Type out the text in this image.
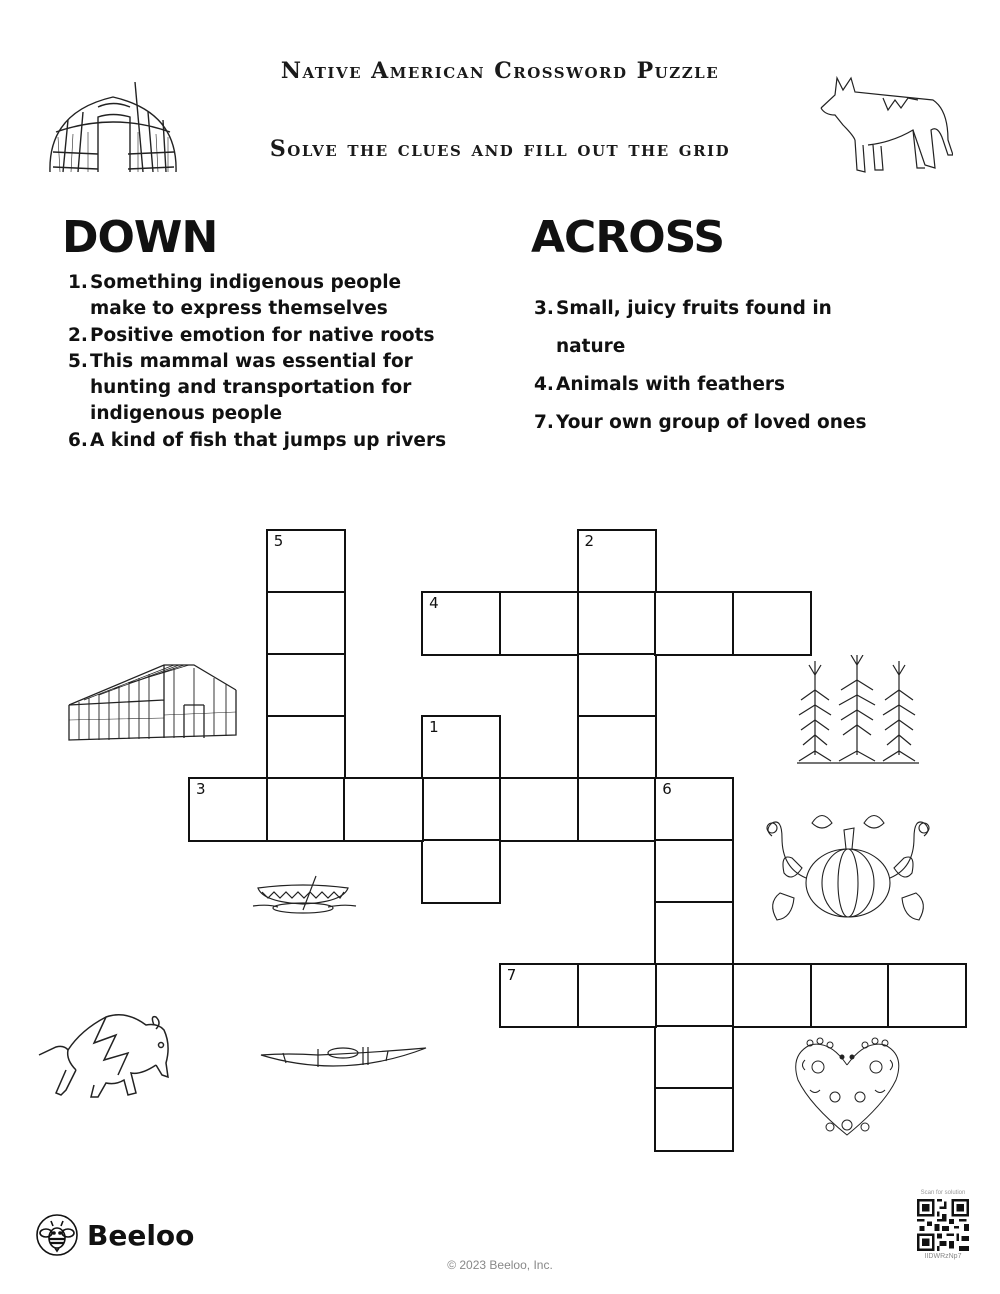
Native American Crossword Puzzle
Solve the clues and fill out the grid
DOWN
1. Something indigenous people make to express themselves
2. Positive emotion for native roots
5. This mammal was essential for hunting and transportation for indigenous people
6. A kind of fish that jumps up rivers
ACROSS
3. Small, juicy fruits found in nature
4. Animals with feathers
7. Your own group of loved ones
5	2
4
1
3	6
7
Beeloo
© 2023 Beeloo, Inc.
Scan for solution
IIDWRzNp7
